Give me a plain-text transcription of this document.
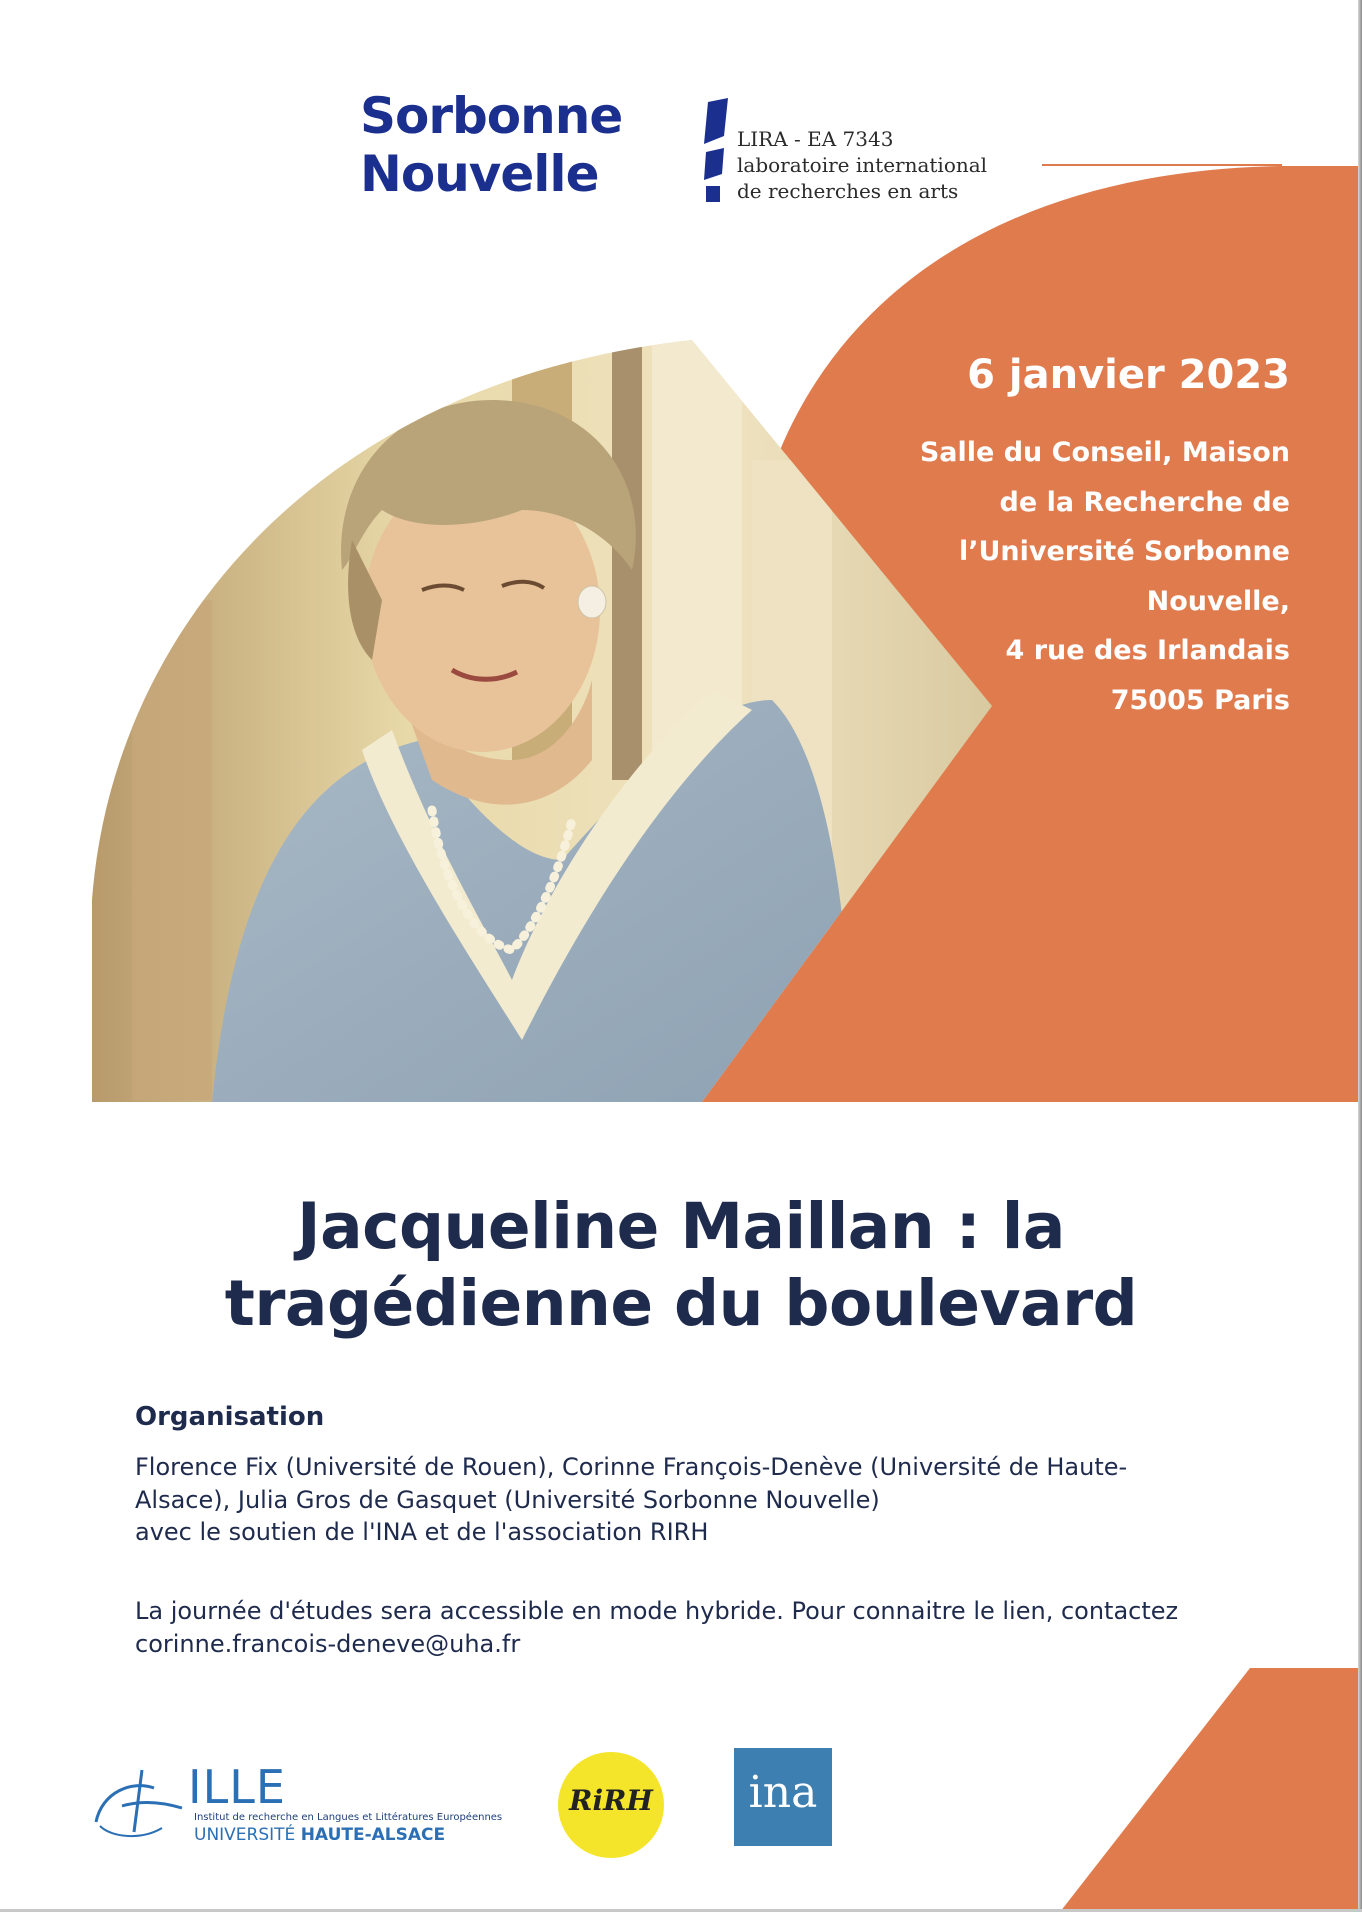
Sorbonne
Nouvelle
LIRA - EA 7343
laboratoire international
de recherches en arts
6 janvier 2023
Salle du Conseil, Maison
de la Recherche de
l’Université Sorbonne
Nouvelle,
4 rue des Irlandais
75005 Paris
Jacqueline Maillan : la
tragédienne du boulevard
Organisation
Florence Fix (Université de Rouen), Corinne François-Denève (Université de Haute-
Alsace), Julia Gros de Gasquet (Université Sorbonne Nouvelle)
avec le soutien de l'INA et de l'association RIRH
La journée d'études sera accessible en mode hybride. Pour connaitre le lien, contactez
corinne.francois-deneve@uha.fr
ILLE
Institut de recherche en Langues et Littératures Européennes
UNIVERSITÉ HAUTE-ALSACE
RiRH	ina
